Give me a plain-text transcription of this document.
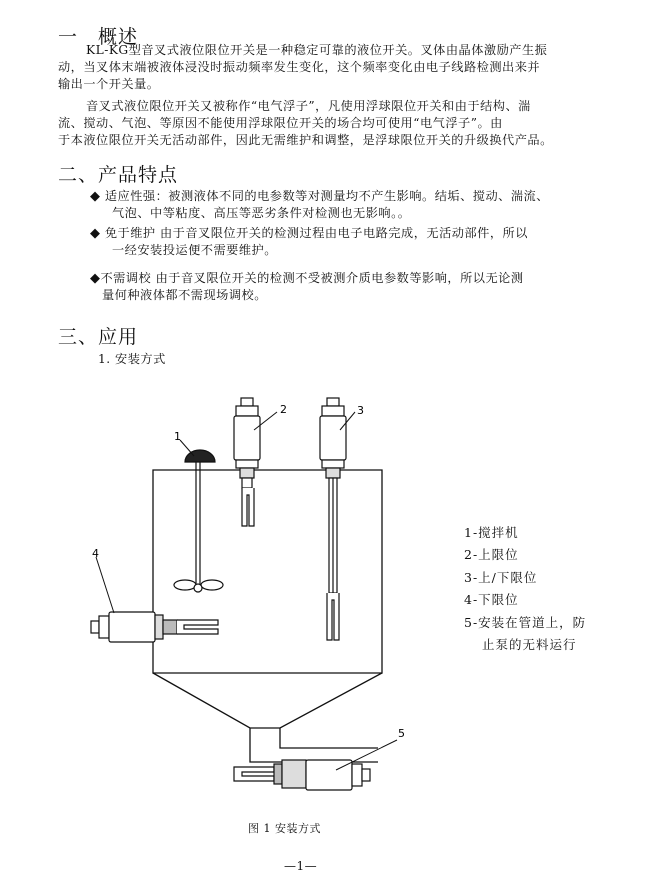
一 概述
KL-KG型音叉式液位限位开关是一种稳定可靠的液位开关。叉体由晶体激励产生振
动，当叉体末端被液体浸没时振动频率发生变化，这个频率变化由电子线路检测出来并
输出一个开关量。
音叉式液位限位开关又被称作“电气浮子”，凡使用浮球限位开关和由于结构、湍
流、搅动、气泡、等原因不能使用浮球限位开关的场合均可使用“电气浮子”。由
于本液位限位开关无活动部件，因此无需维护和调整，是浮球限位开关的升级换代产品。
二、产品特点
◆ 适应性强：被测液体不同的电参数等对测量均不产生影响。结垢、搅动、湍流、
气泡、中等粘度、高压等恶劣条件对检测也无影响。。
◆ 免于维护 由于音叉限位开关的检测过程由电子电路完成，无活动部件，所以
一经安装投运便不需要维护。
◆不需调校 由于音叉限位开关的检测不受被测介质电参数等影响，所以无论测
量何种液体都不需现场调校。
三、应用
1. 安装方式
1
2	3
4
5
1-搅拌机
2-上限位
3-上/下限位
4-下限位
5-安装在管道上，防
止泵的无料运行
图 1 安装方式
—1—
